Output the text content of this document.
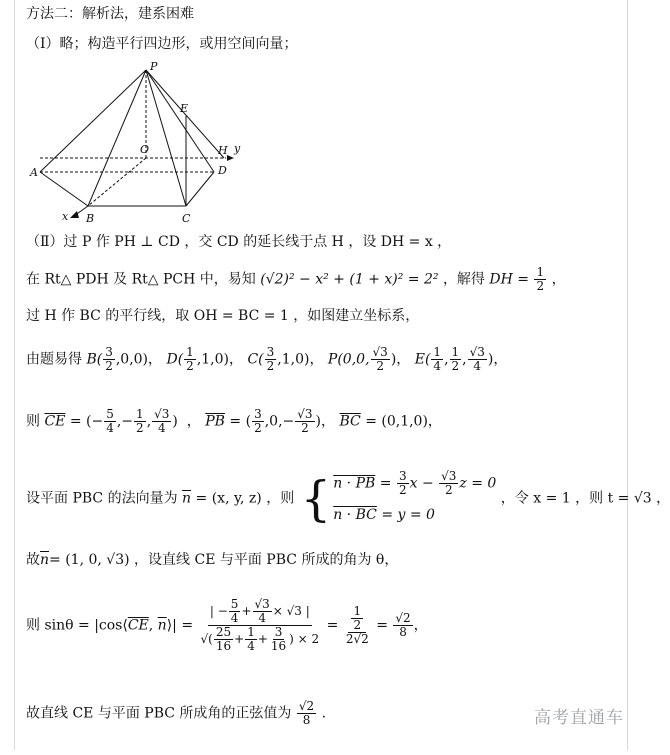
方法二：解析法，建系困难
（Ⅰ）略；构造平行四边形，或用空间向量；
P
E
H y
O
A	D
x B	C
（Ⅱ）过 P 作 PH ⊥ CD ，交 CD 的延长线于点 H ，设 DH = x ，
在 Rt△ PDH 及 Rt△ PCH 中，易知 (√2)² − x² + (1 + x)² = 2² ，解得 DH = $\frac{1}{2}$ ，
过 H 作 BC 的平行线，取 OH = BC = 1 ，如图建立坐标系，
由题易得 $B( \frac{3}{2} ,0,0)$， $D( \frac{1}{2} ,1,0)$， $C( \frac{3}{2} ,1,0)$， P(0,0, $\frac{√3}{2}$ )， $E( \frac{1}{4}$ , $\frac{1}{2}$ , $\frac{√3}{4}$ )，
则 $\overline{CE}$ = (− $\frac{5}{4}$ ,− $\frac{1}{2}$ , $\frac{√3}{4}$ )  ， $\overline{PB}$ = ( $\frac{3}{2} ,0,- \frac{√3}{2}$ )， $\overline{BC} = (0,1,0)$，
设平面 PBC 的法向量为 $\overline{n} = (x$, y, z) ，则 { $n \cdot \overline{PB} = \frac{3}{2}$ $x - \frac{√3}{2}$ z = 0
$n \cdot \overline{BC} = y = 0$
，令 x = 1 ，则 t = √3 ，
故$\overline{n}= (1$, 0, √3) ，设直线 CE 与平面 PBC 所成的角为 θ，
则 $\sin\theta = |\cos⟨\overline{CE}$, $\overline{n}⟩| = \frac{| - \frac{5}{4} + \frac{√3}{4} \times √3 |}{√( \frac{25}{16} + \frac{1}{4} + \frac{3}{16} ) \times 2} = \frac{\frac{1}{2}}{2√2} = \frac{√2}{8}$ ，
故直线 CE 与平面 PBC 所成角的正弦值为 $\frac{√2}{8}$ .	高考直通车
